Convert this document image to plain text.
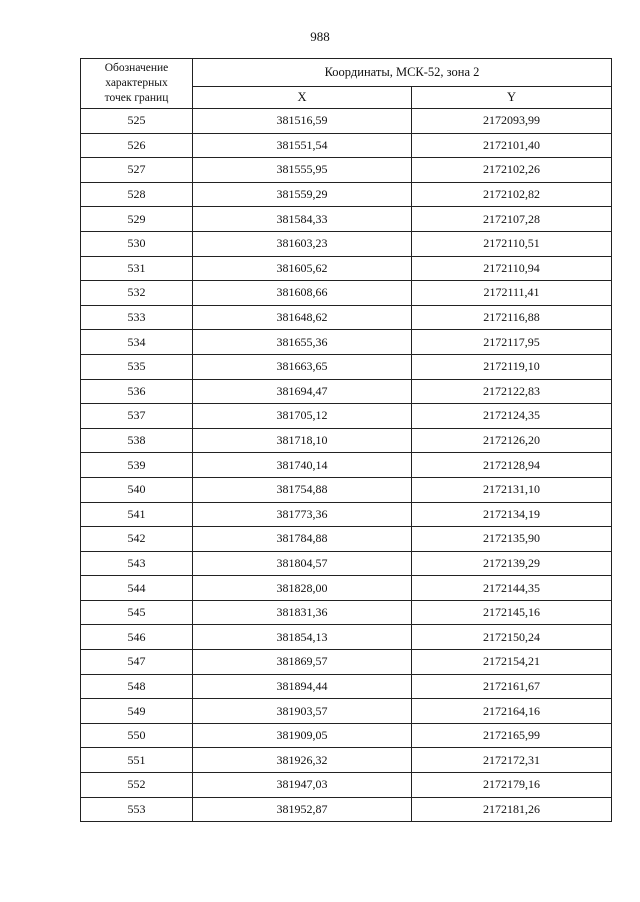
988
Обозначение
характерных
точек границ	Координаты, МСК-52, зона 2	
	X	Y
525	381516,59	2172093,99
526	381551,54	2172101,40
527	381555,95	2172102,26
528	381559,29	2172102,82
529	381584,33	2172107,28
530	381603,23	2172110,51
531	381605,62	2172110,94
532	381608,66	2172111,41
533	381648,62	2172116,88
534	381655,36	2172117,95
535	381663,65	2172119,10
536	381694,47	2172122,83
537	381705,12	2172124,35
538	381718,10	2172126,20
539	381740,14	2172128,94
540	381754,88	2172131,10
541	381773,36	2172134,19
542	381784,88	2172135,90
543	381804,57	2172139,29
544	381828,00	2172144,35
545	381831,36	2172145,16
546	381854,13	2172150,24
547	381869,57	2172154,21
548	381894,44	2172161,67
549	381903,57	2172164,16
550	381909,05	2172165,99
551	381926,32	2172172,31
552	381947,03	2172179,16
553	381952,87	2172181,26
